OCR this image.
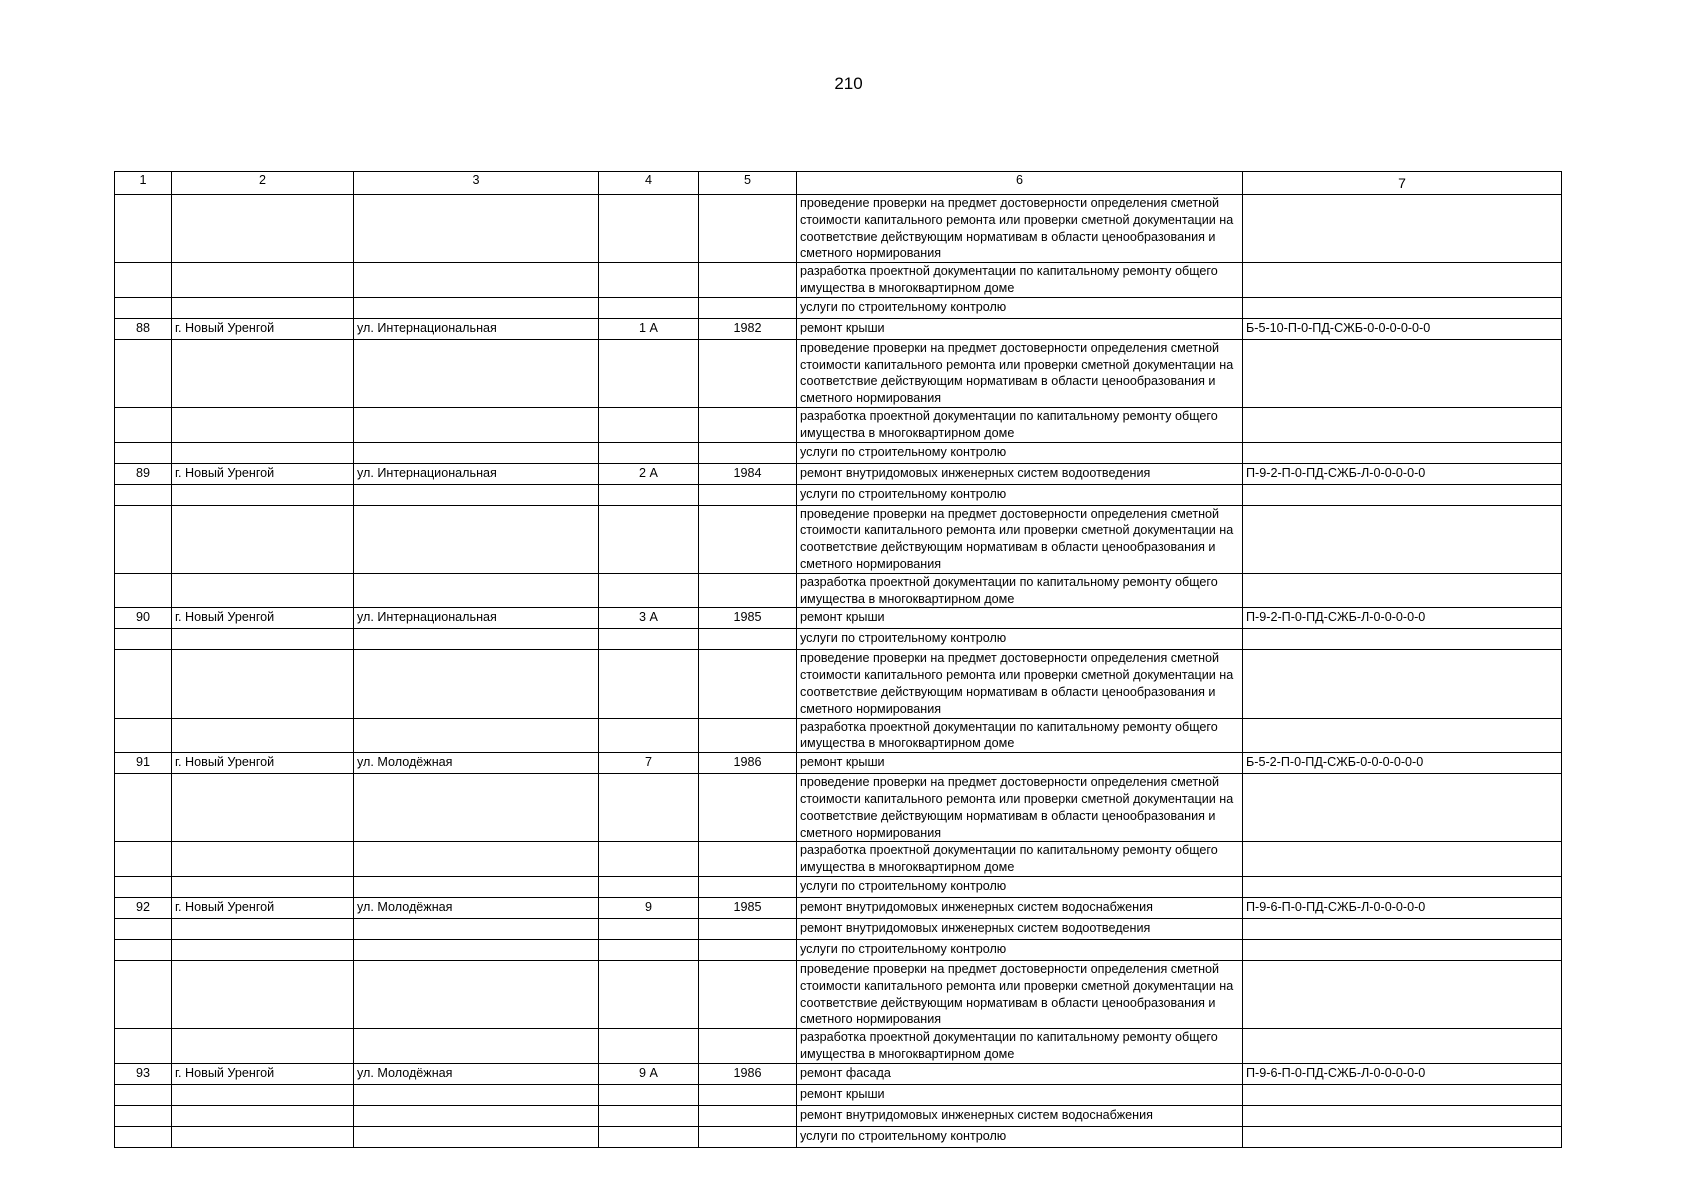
210
1	2	3	4	5	6	7
					проведение проверки на предмет достоверности определения сметной стоимости капитального ремонта или проверки сметной документации на соответствие действующим нормативам в области ценообразования и сметного нормирования	
					разработка проектной документации по капитальному ремонту общего имущества в многоквартирном доме	
					услуги по строительному контролю	
88	г. Новый Уренгой	ул. Интернациональная	1 А	1982	ремонт крыши	Б-5-10-П-0-ПД-СЖБ-0-0-0-0-0-0
					проведение проверки на предмет достоверности определения сметной стоимости капитального ремонта или проверки сметной документации на соответствие действующим нормативам в области ценообразования и сметного нормирования	
					разработка проектной документации по капитальному ремонту общего имущества в многоквартирном доме	
					услуги по строительному контролю	
89	г. Новый Уренгой	ул. Интернациональная	2 А	1984	ремонт внутридомовых инженерных систем водоотведения	П-9-2-П-0-ПД-СЖБ-Л-0-0-0-0-0
					услуги по строительному контролю	
					проведение проверки на предмет достоверности определения сметной стоимости капитального ремонта или проверки сметной документации на соответствие действующим нормативам в области ценообразования и сметного нормирования	
					разработка проектной документации по капитальному ремонту общего имущества в многоквартирном доме	
90	г. Новый Уренгой	ул. Интернациональная	3 А	1985	ремонт крыши	П-9-2-П-0-ПД-СЖБ-Л-0-0-0-0-0
					услуги по строительному контролю	
					проведение проверки на предмет достоверности определения сметной стоимости капитального ремонта или проверки сметной документации на соответствие действующим нормативам в области ценообразования и сметного нормирования	
					разработка проектной документации по капитальному ремонту общего имущества в многоквартирном доме	
91	г. Новый Уренгой	ул. Молодёжная	7	1986	ремонт крыши	Б-5-2-П-0-ПД-СЖБ-0-0-0-0-0-0
					проведение проверки на предмет достоверности определения сметной стоимости капитального ремонта или проверки сметной документации на соответствие действующим нормативам в области ценообразования и сметного нормирования	
					разработка проектной документации по капитальному ремонту общего имущества в многоквартирном доме	
					услуги по строительному контролю	
92	г. Новый Уренгой	ул. Молодёжная	9	1985	ремонт внутридомовых инженерных систем водоснабжения	П-9-6-П-0-ПД-СЖБ-Л-0-0-0-0-0
					ремонт внутридомовых инженерных систем водоотведения	
					услуги по строительному контролю	
					проведение проверки на предмет достоверности определения сметной стоимости капитального ремонта или проверки сметной документации на соответствие действующим нормативам в области ценообразования и сметного нормирования	
					разработка проектной документации по капитальному ремонту общего имущества в многоквартирном доме	
93	г. Новый Уренгой	ул. Молодёжная	9 А	1986	ремонт фасада	П-9-6-П-0-ПД-СЖБ-Л-0-0-0-0-0
					ремонт крыши	
					ремонт внутридомовых инженерных систем водоснабжения	
					услуги по строительному контролю	
